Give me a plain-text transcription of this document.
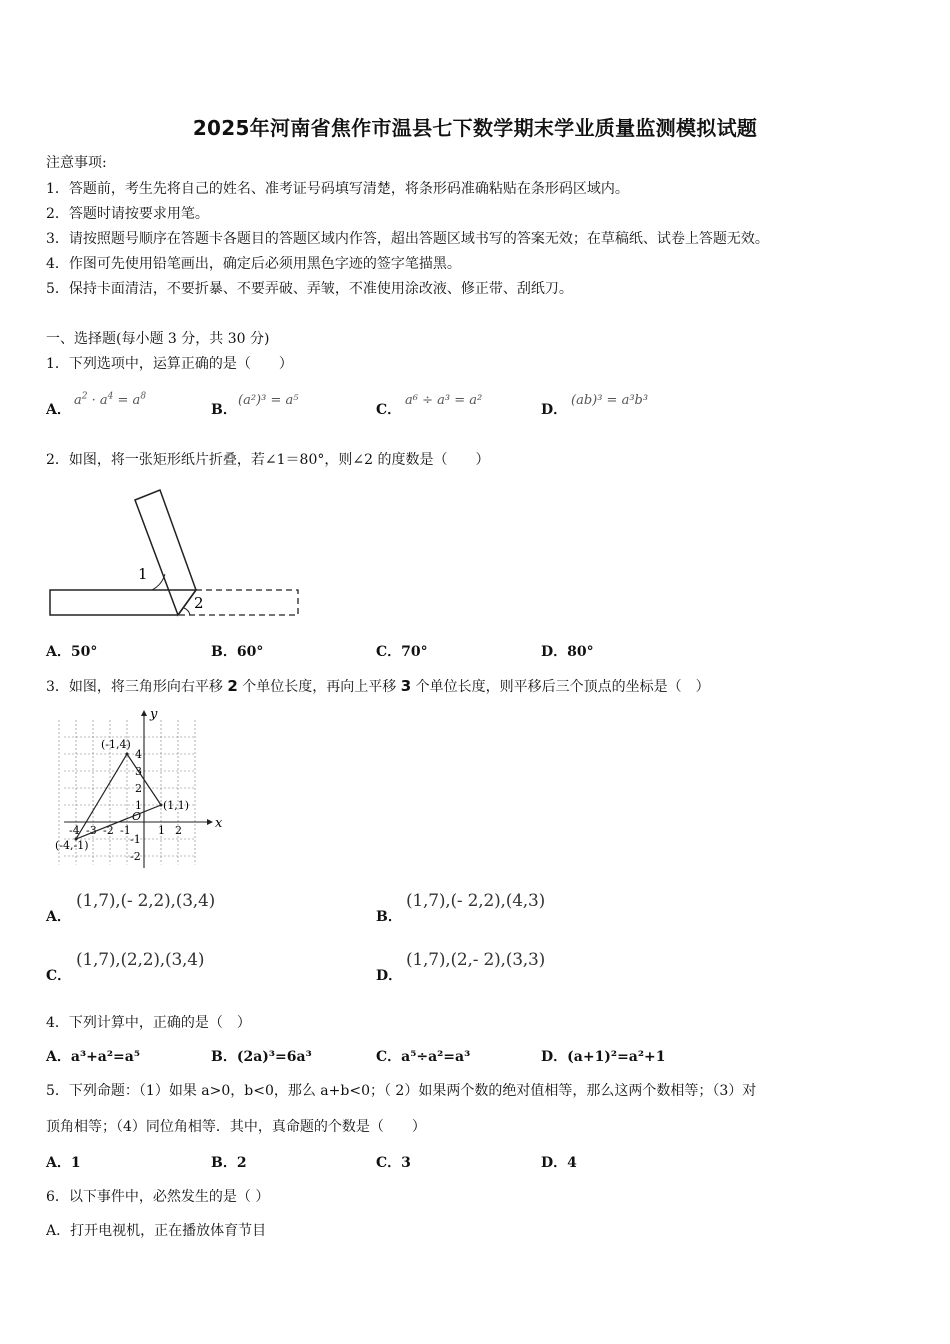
2025年河南省焦作市温县七下数学期末学业质量监测模拟试题
注意事项:
1．答题前，考生先将自己的姓名、准考证号码填写清楚，将条形码准确粘贴在条形码区域内。
2．答题时请按要求用笔。
3．请按照题号顺序在答题卡各题目的答题区域内作答，超出答题区域书写的答案无效；在草稿纸、试卷上答题无效。
4．作图可先使用铅笔画出，确定后必须用黑色字迹的签字笔描黑。
5．保持卡面清洁，不要折暴、不要弄破、弄皱，不准使用涂改液、修正带、刮纸刀。
一、选择题(每小题 3 分，共 30 分)
1．下列选项中，运算正确的是（　　）
A．
$a^2 \cdot a^4 = a^8$
B．
(a²)³ = a⁵
C．
a⁶ ÷ a³ = a²
D．
(ab)³ = a³b³
2．如图，将一张矩形纸片折叠，若∠1＝80°，则∠2 的度数是（　　）
1
2
A．50°	B．60°	C．70°	D．80°
3．如图，将三角形向右平移 2 个单位长度，再向上平移 3 个单位长度，则平移后三个顶点的坐标是（　）
x
y
O
-4 -3 -2 -1 1 2
4
3
2
1
-1
-2
(-1,4)
(1,1)
(-4,-1)
A．
(1,7),(- 2,2),(3,4)
B．
(1,7),(- 2,2),(4,3)
C．
(1,7),(2,2),(3,4)
D．
(1,7),(2,- 2),(3,3)
4．下列计算中，正确的是（　）
A．a³+a²=a⁵	B．(2a)³=6a³	C．a⁵÷a²=a³	D．(a+1)²=a²+1
5．下列命题：（1）如果 a>0，b<0，那么 a+b<0；（ 2）如果两个数的绝对值相等，那么这两个数相等；（3）对
顶角相等；（4）同位角相等．其中，真命题的个数是（　　）
A．1	B．2	C．3	D．4
6．以下事件中，必然发生的是（ ）
A．打开电视机，正在播放体育节目
